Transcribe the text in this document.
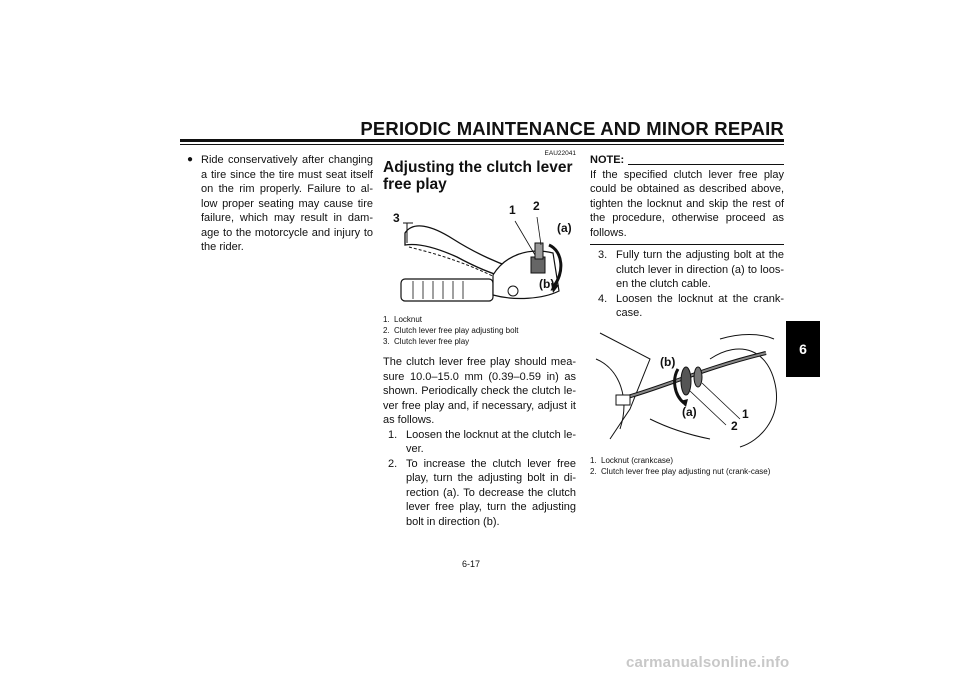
PERIODIC MAINTENANCE AND MINOR REPAIR
6
● Ride conservatively after changing a tire since the tire must seat itself on the rim properly. Failure to al-low proper seating may cause tire failure, which may result in dam-age to the motorcycle and injury to the rider.
EAU22041
Adjusting the clutch lever free play
3
1 2
(a)
(b)
1. Locknut
2. Clutch lever free play adjusting bolt
3. Clutch lever free play
The clutch lever free play should mea-sure 10.0–15.0 mm (0.39–0.59 in) as shown. Periodically check the clutch le-ver free play and, if necessary, adjust it as follows.
1. Loosen the locknut at the clutch le-ver.
2. To increase the clutch lever free play, turn the adjusting bolt in di-rection (a). To decrease the clutch lever free play, turn the adjusting bolt in direction (b).
NOTE:
If the specified clutch lever free play could be obtained as described above, tighten the locknut and skip the rest of the procedure, otherwise proceed as follows.
3. Fully turn the adjusting bolt at the clutch lever in direction (a) to loos-en the clutch cable.
4. Loosen the locknut at the crank-case.
(b)
(a)	1
2
1. Locknut (crankcase)
2. Clutch lever free play adjusting nut (crank-case)
6-17
carmanualsonline.info
